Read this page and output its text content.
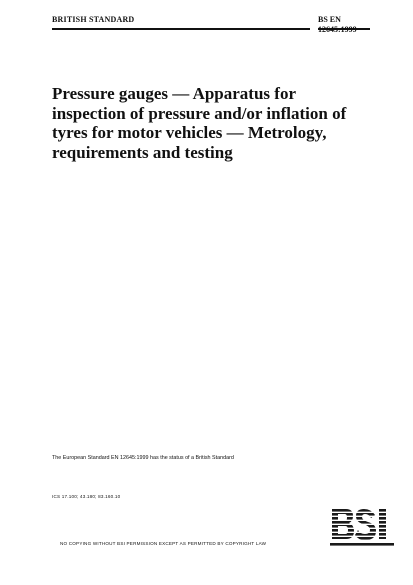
BRITISH STANDARD	BS EN
12645:1999
Pressure gauges — Apparatus for inspection of pressure and/or inflation of tyres for motor vehicles — Metrology, requirements and testing
The European Standard EN 12645:1999 has the status of a British Standard
ICS 17.100; 43.180; 83.160.10
NO COPYING WITHOUT BSI PERMISSION EXCEPT AS PERMITTED BY COPYRIGHT LAW
